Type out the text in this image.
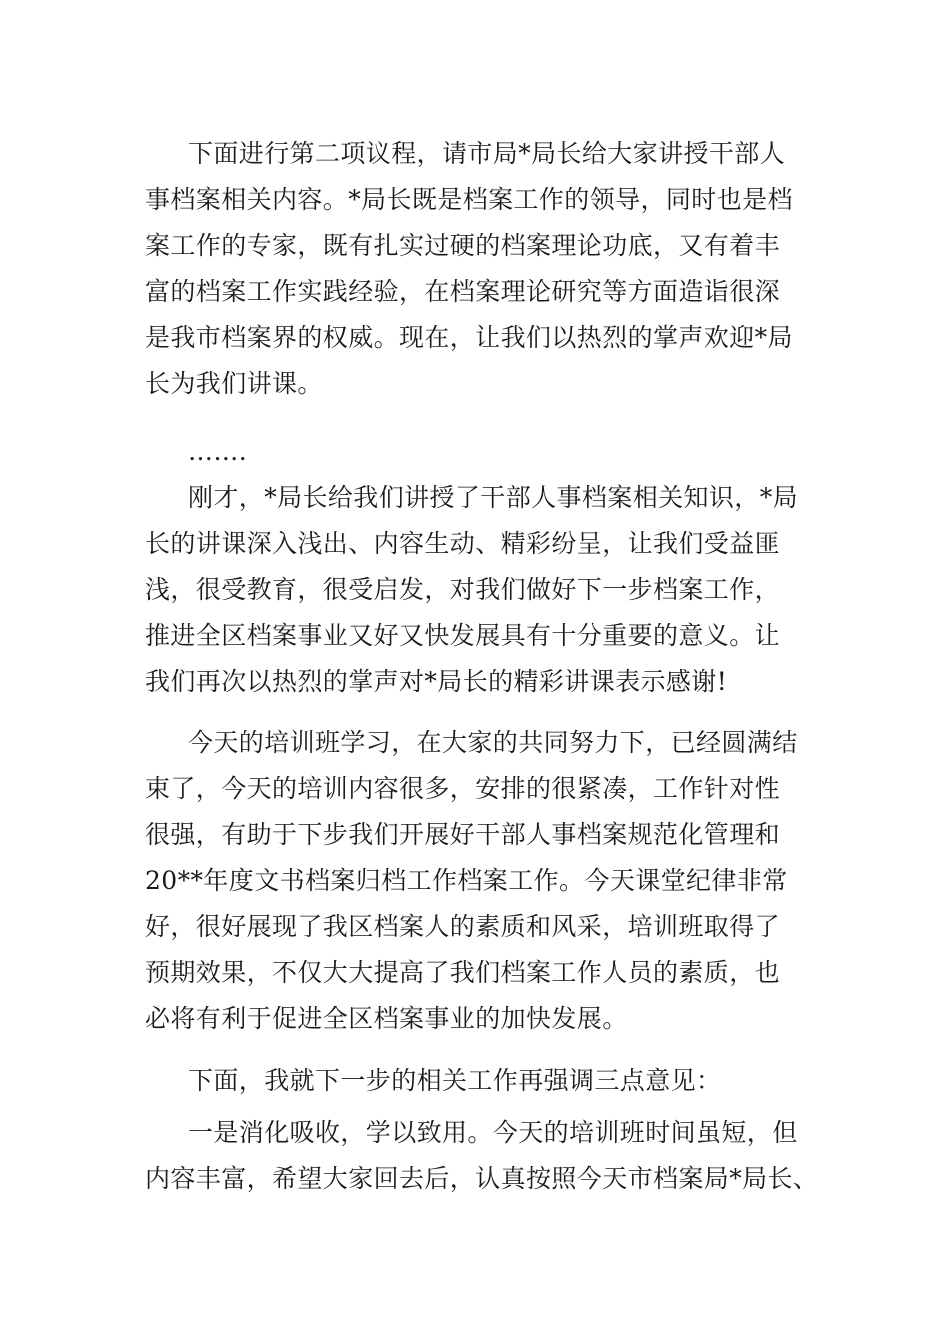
下面进行第二项议程，请市局*局长给大家讲授干部人
事档案相关内容。*局长既是档案工作的领导，同时也是档
案工作的专家，既有扎实过硬的档案理论功底，又有着丰
富的档案工作实践经验，在档案理论研究等方面造诣很深
是我市档案界的权威。现在，让我们以热烈的掌声欢迎*局
长为我们讲课。
…….
刚才，*局长给我们讲授了干部人事档案相关知识，*局
长的讲课深入浅出、内容生动、精彩纷呈，让我们受益匪
浅，很受教育，很受启发，对我们做好下一步档案工作，
推进全区档案事业又好又快发展具有十分重要的意义。让
我们再次以热烈的掌声对*局长的精彩讲课表示感谢!
今天的培训班学习，在大家的共同努力下，已经圆满结
束了，今天的培训内容很多，安排的很紧凑，工作针对性
很强，有助于下步我们开展好干部人事档案规范化管理和
20**年度文书档案归档工作档案工作。今天课堂纪律非常
好，很好展现了我区档案人的素质和风采，培训班取得了
预期效果，不仅大大提高了我们档案工作人员的素质，也
必将有利于促进全区档案事业的加快发展。
下面，我就下一步的相关工作再强调三点意见：
一是消化吸收，学以致用。今天的培训班时间虽短，但
内容丰富，希望大家回去后，认真按照今天市档案局*局长、
